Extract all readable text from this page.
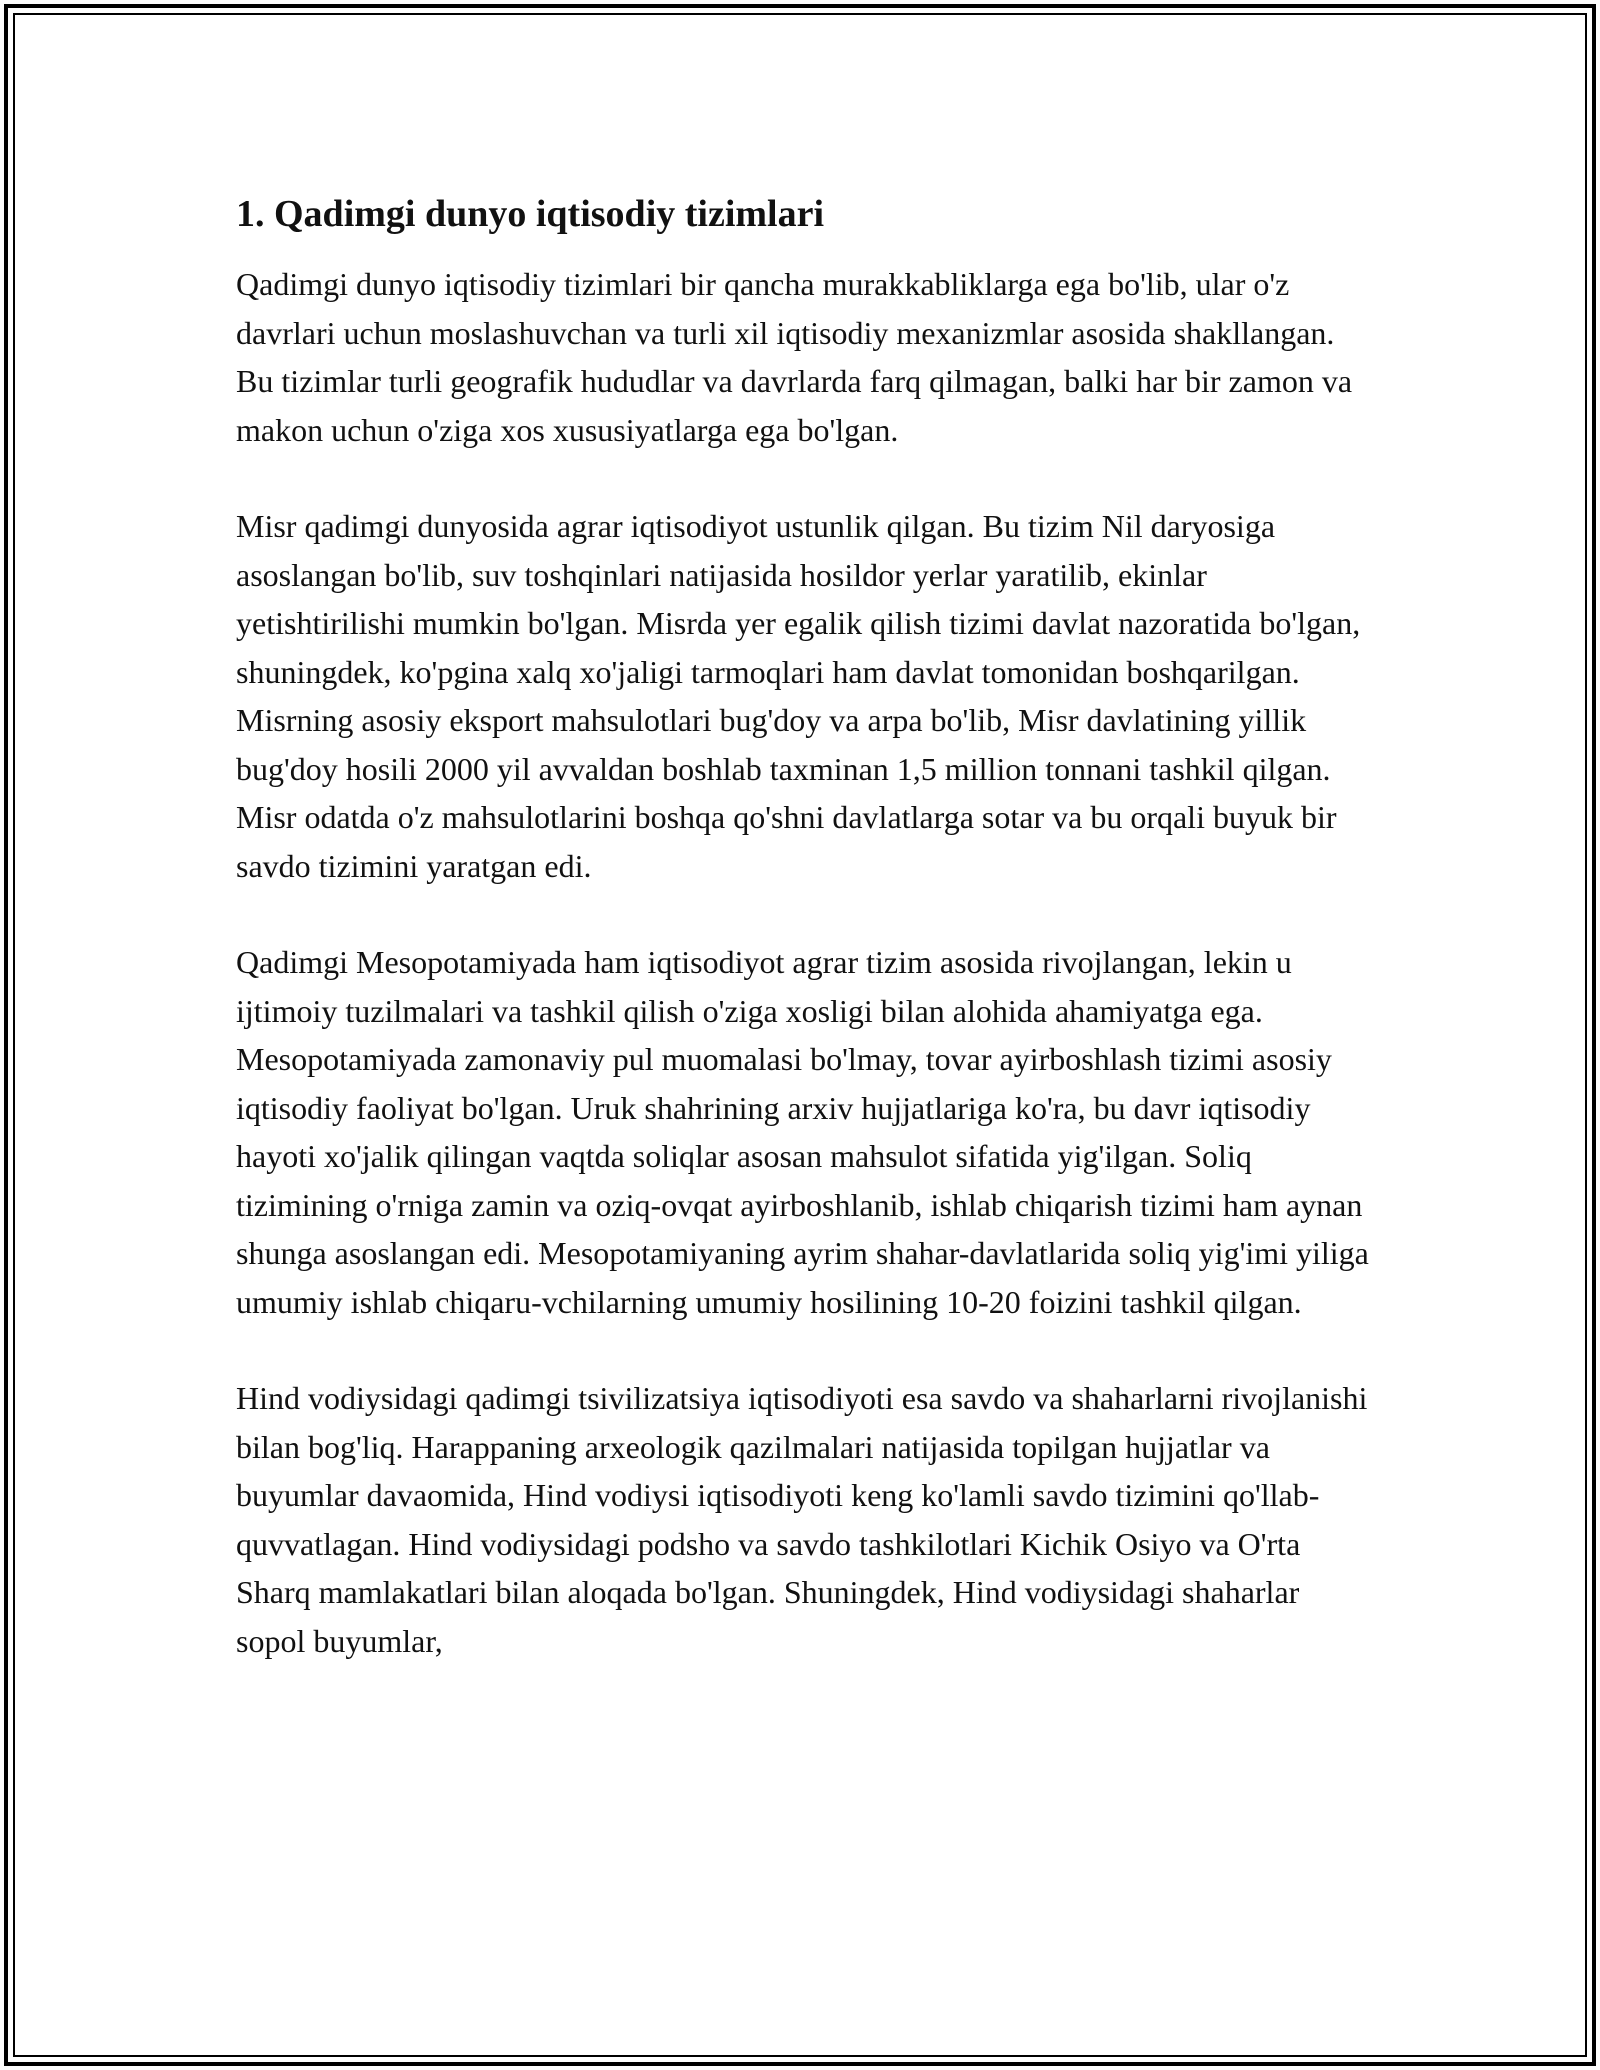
1. Qadimgi dunyo iqtisodiy tizimlari

Qadimgi dunyo iqtisodiy tizimlari bir qancha murakkabliklarga ega bo'lib, ular o'z davrlari uchun moslashuvchan va turli xil iqtisodiy mexanizmlar asosida shakllangan. Bu tizimlar turli geografik hududlar va davrlarda farq qilmagan, balki har bir zamon va makon uchun o'ziga xos xususiyatlarga ega bo'lgan.

Misr qadimgi dunyosida agrar iqtisodiyot ustunlik qilgan. Bu tizim Nil daryosiga asoslangan bo'lib, suv toshqinlari natijasida hosildor yerlar yaratilib, ekinlar yetishtirilishi mumkin bo'lgan. Misrda yer egalik qilish tizimi davlat nazoratida bo'lgan, shuningdek, ko'pgina xalq xo'jaligi tarmoqlari ham davlat tomonidan boshqarilgan. Misrning asosiy eksport mahsulotlari bug'doy va arpa bo'lib, Misr davlatining yillik bug'doy hosili 2000 yil avvaldan boshlab taxminan 1,5 million tonnani tashkil qilgan. Misr odatda o'z mahsulotlarini boshqa qo'shni davlatlarga sotar va bu orqali buyuk bir savdo tizimini yaratgan edi.

Qadimgi Mesopotamiyada ham iqtisodiyot agrar tizim asosida rivojlangan, lekin u ijtimoiy tuzilmalari va tashkil qilish o'ziga xosligi bilan alohida ahamiyatga ega. Mesopotamiyada zamonaviy pul muomalasi bo'lmay, tovar ayirboshlash tizimi asosiy iqtisodiy faoliyat bo'lgan. Uruk shahrining arxiv hujjatlariga ko'ra, bu davr iqtisodiy hayoti xo'jalik qilingan vaqtda soliqlar asosan mahsulot sifatida yig'ilgan. Soliq tizimining o'rniga zamin va oziq-ovqat ayirboshlanib, ishlab chiqarish tizimi ham aynan shunga asoslangan edi. Mesopotamiyaning ayrim shahar-davlatlarida soliq yig'imi yiliga umumiy ishlab chiqaru-vchilarning umumiy hosilining 10-20 foizini tashkil qilgan.

Hind vodiysidagi qadimgi tsivilizatsiya iqtisodiyoti esa savdo va shaharlarni rivojlanishi bilan bog'liq. Harappaning arxeologik qazilmalari natijasida topilgan hujjatlar va buyumlar davaomida, Hind vodiysi iqtisodiyoti keng ko'lamli savdo tizimini qo'llab-quvvatlagan. Hind vodiysidagi podsho va savdo tashkilotlari Kichik Osiyo va O'rta Sharq mamlakatlari bilan aloqada bo'lgan. Shuningdek, Hind vodiysidagi shaharlar sopol buyumlar,
